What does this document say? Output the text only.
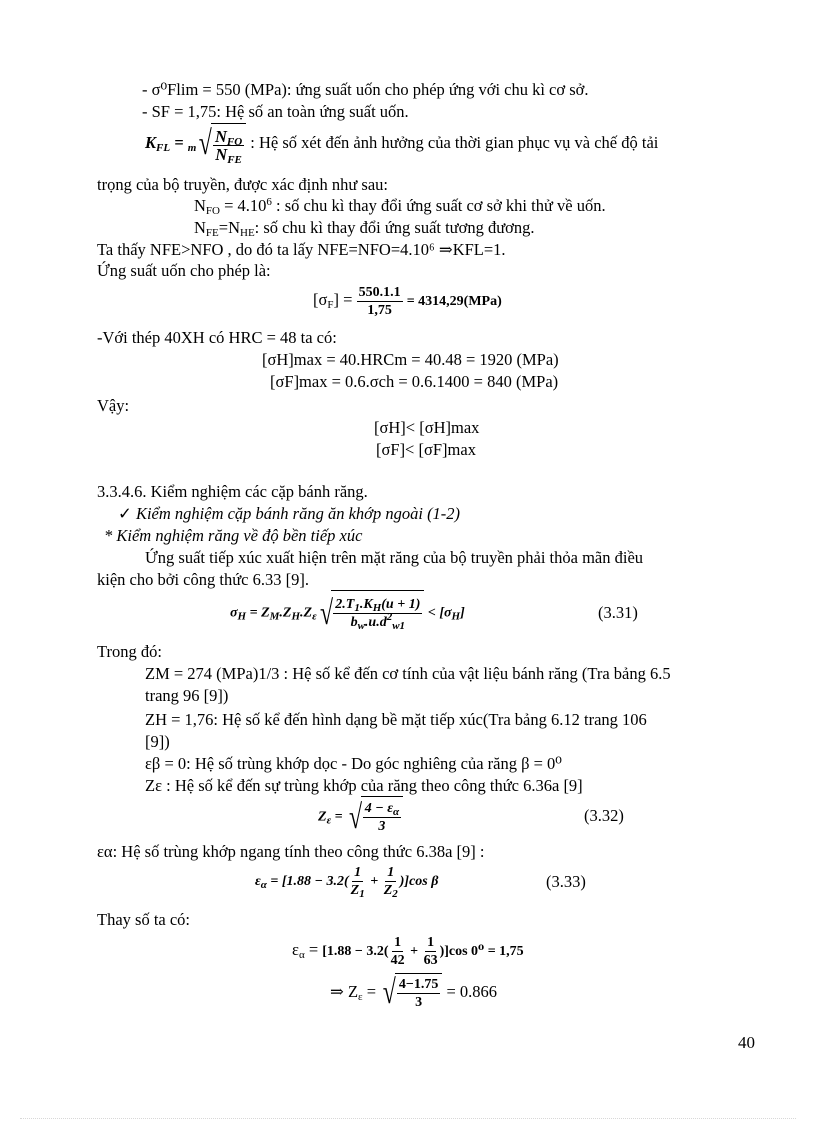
- σ⁰Flim = 550 (MPa): ứng suất uốn cho phép ứng với chu kì cơ sở.
- SF = 1,75: Hệ số an toàn ứng suất uốn.
$K_{FL} = _m$ √ $\frac{N_{FO}}{N_{FE}}$ : Hệ số xét đến ảnh hưởng của thời gian phục vụ và chế độ tải
trọng của bộ truyền, được xác định như sau:
$N_{FO} = 4.10^6$ : số chu kì thay đổi ứng suất cơ sở khi thử về uốn.
$N_{FE}=N_{HE}$: số chu kì thay đổi ứng suất tương đương.
Ta thấy NFE>NFO , do đó ta lấy NFE=NFO=4.10⁶ ⇒KFL=1.
Ứng suất uốn cho phép là:
$[\sigma_F] = \frac{550.1.1}{1,75} = 4314,29(MPa)$
-Với thép 40XH có HRC = 48 ta có:
[σH]max = 40.HRCm = 40.48 = 1920 (MPa)
[σF]max = 0.6.σch = 0.6.1400 = 840 (MPa)
Vậy:
[σH]< [σH]max
[σF]< [σF]max
3.3.4.6. Kiểm nghiệm các cặp bánh răng.
✓ Kiểm nghiệm cặp bánh răng ăn khớp ngoài (1-2)
* Kiểm nghiệm răng về độ bền tiếp xúc
Ứng suất tiếp xúc xuất hiện trên mặt răng của bộ truyền phải thỏa mãn điều
kiện cho bởi công thức 6.33 [9].
$\sigma_H = Z_M.Z_H.Z_\varepsilon$ √ $\frac{2.T_1.K_H(u + 1)}{b_w.u.d^2_{w1}} < [\sigma_H]$	(3.31)
Trong đó:
ZM = 274 (MPa)1/3 : Hệ số kể đến cơ tính của vật liệu bánh răng (Tra bảng 6.5
trang 96 [9])
ZH = 1,76: Hệ số kể đến hình dạng bề mặt tiếp xúc(Tra bảng 6.12 trang 106
[9])
εβ = 0: Hệ số trùng khớp dọc - Do góc nghiêng của răng β = 0⁰
Zε : Hệ số kể đến sự trùng khớp của răng theo công thức 6.36a [9]
$Z_\varepsilon$ = √ $\frac{4 - \varepsilon_\alpha}{3}$	(3.32)
εα: Hệ số trùng khớp ngang tính theo công thức 6.38a [9] :
$\varepsilon_\alpha = [1.88 - 3.2( \frac{1}{Z_1} + \frac{1}{Z_2} )]\cos$ β	(3.33)
Thay số ta có:
$\varepsilon_\alpha = [1.88 - 3.2( \frac{1}{42} + \frac{1}{63} )]\cos$ 0⁰ = 1,75
⇒ $Z_\varepsilon$ = √ $\frac{4-1.75}{3} = 0.866$
40
